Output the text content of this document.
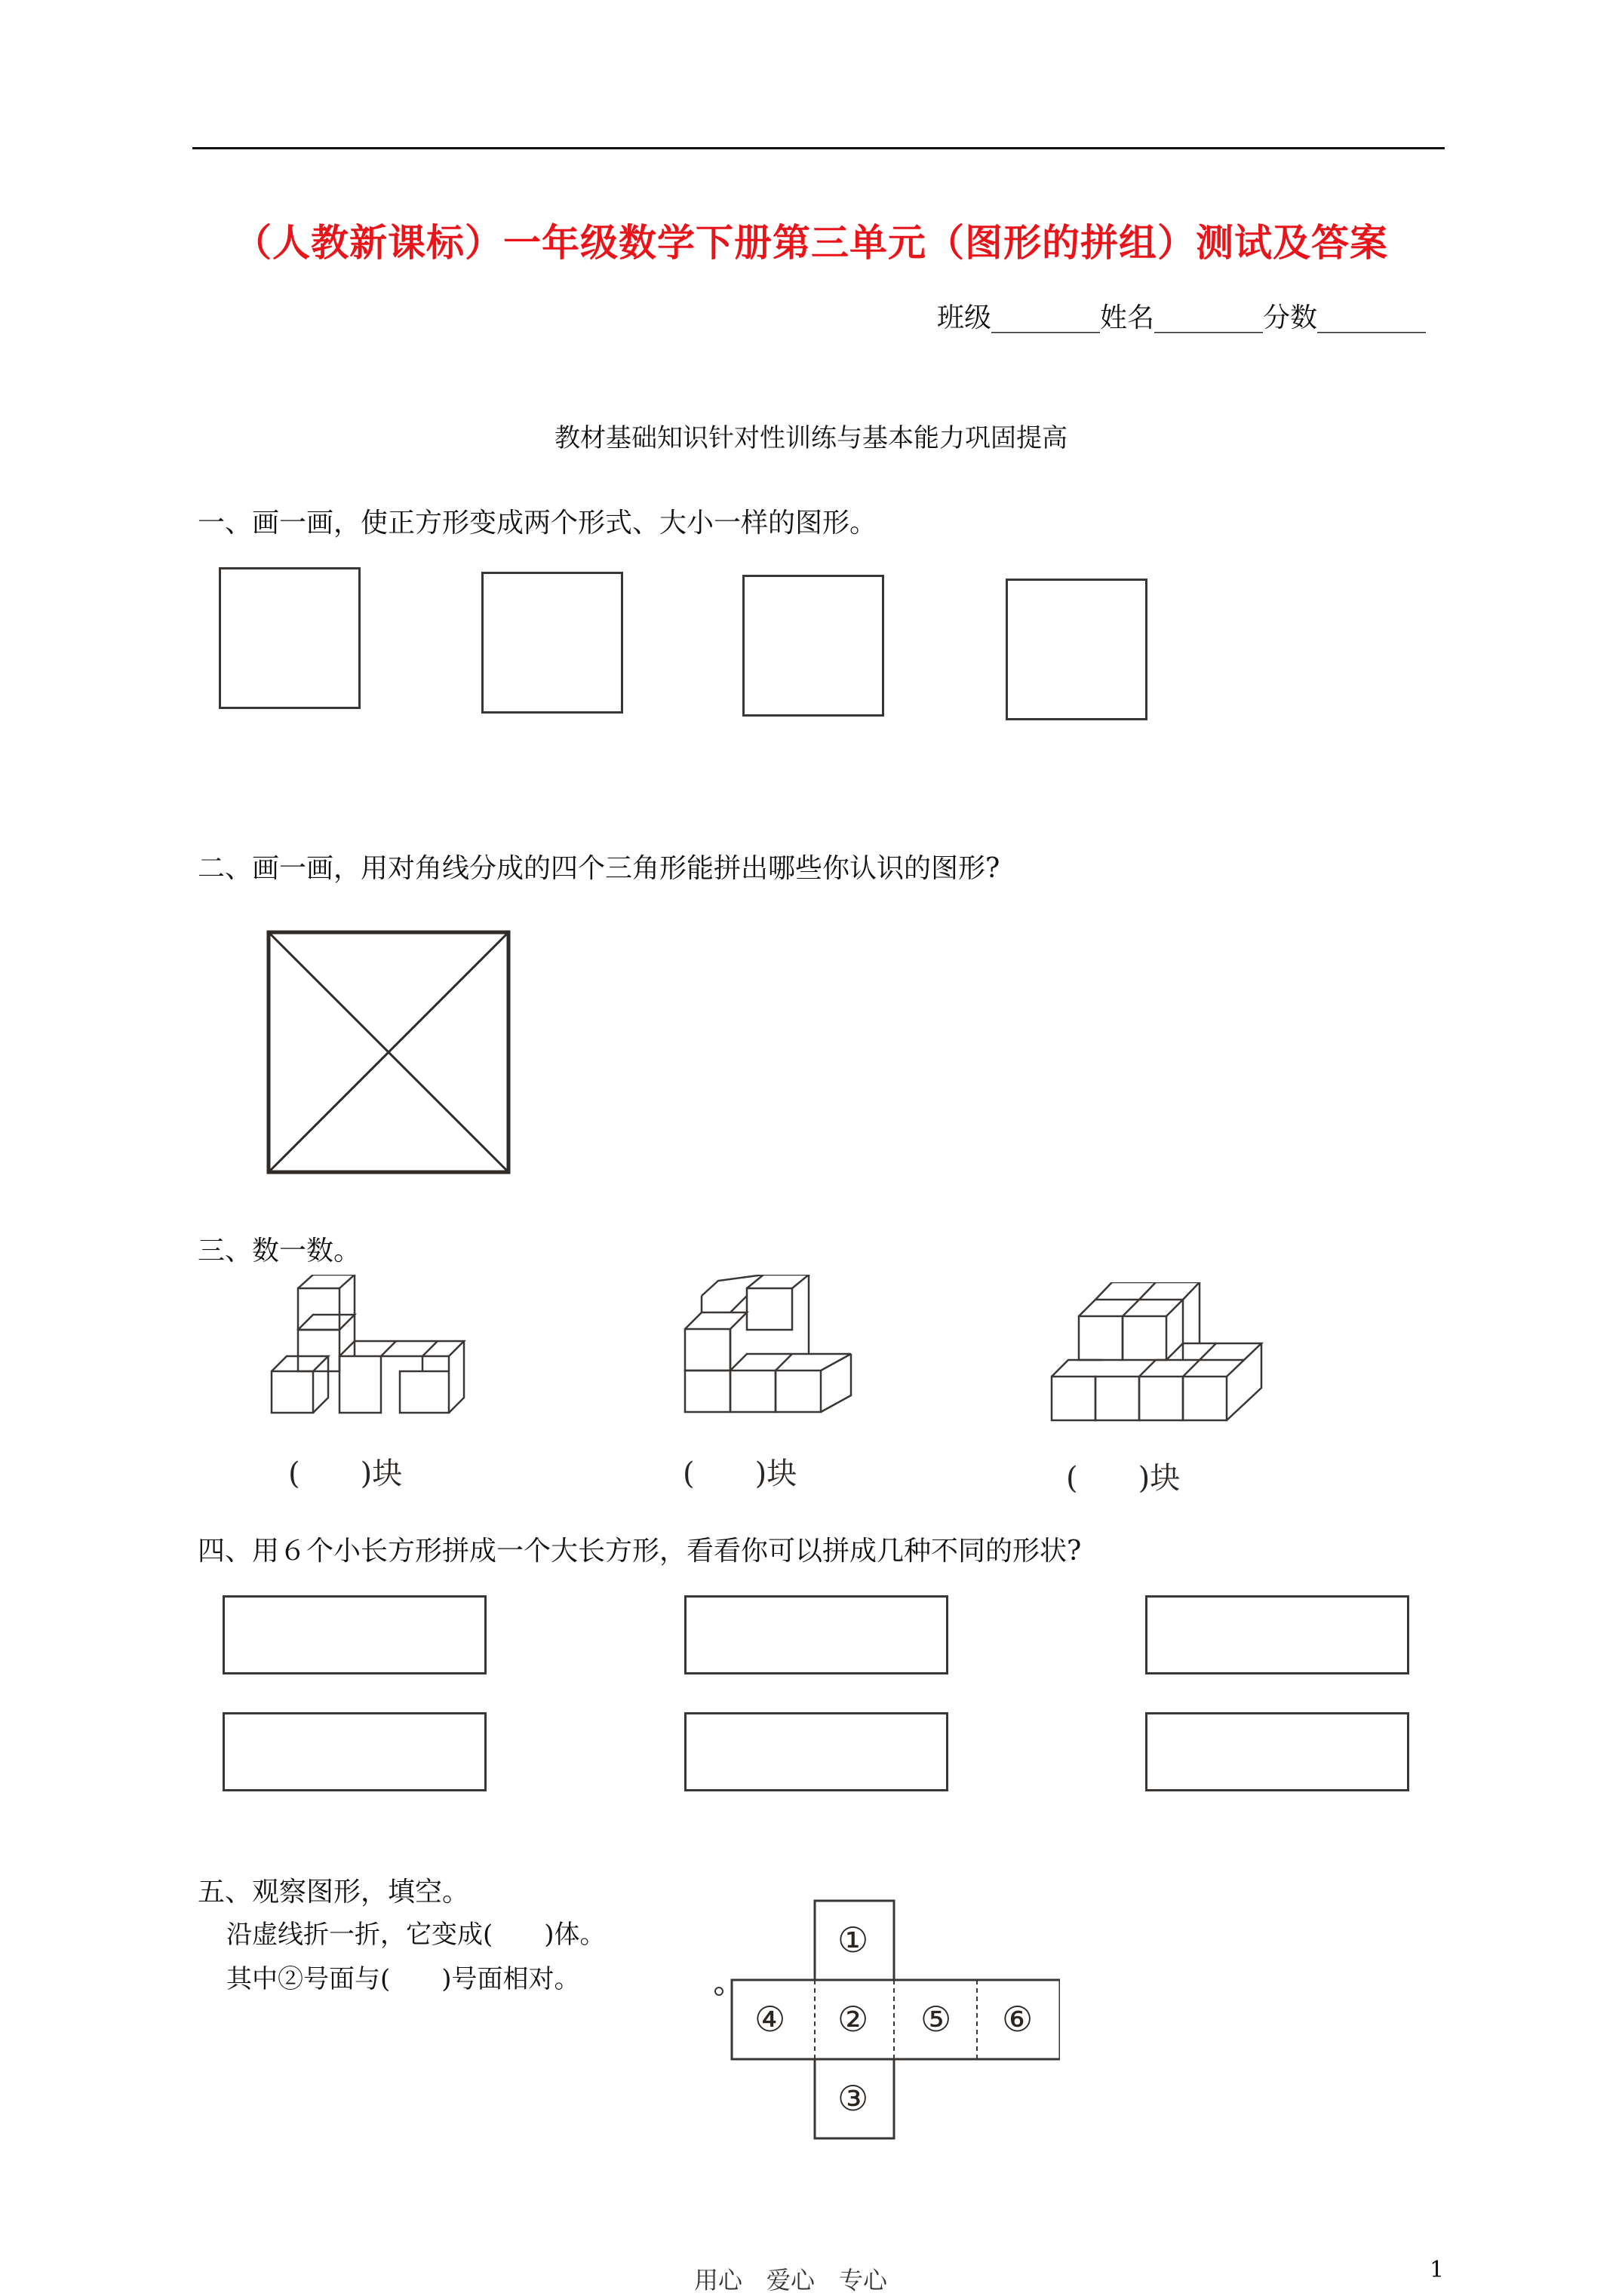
（人教新课标）一年级数学下册第三单元（图形的拼组）测试及答案
班级________姓名________分数________
教材基础知识针对性训练与基本能力巩固提高
一、画一画，使正方形变成两个形式、大小一样的图形。
二、画一画，用对角线分成的四个三角形能拼出哪些你认识的图形?
三、数一数。
(　　)块	(　　)块	(　　)块
四、用６个小长方形拼成一个大长方形，看看你可以拼成几种不同的形状?
五、观察图形，填空。
沿虚线折一折，它变成(　　)体。
其中②号面与(　　)号面相对。
①
④ ② ⑤ ⑥
③
用心　爱心　专心	1
